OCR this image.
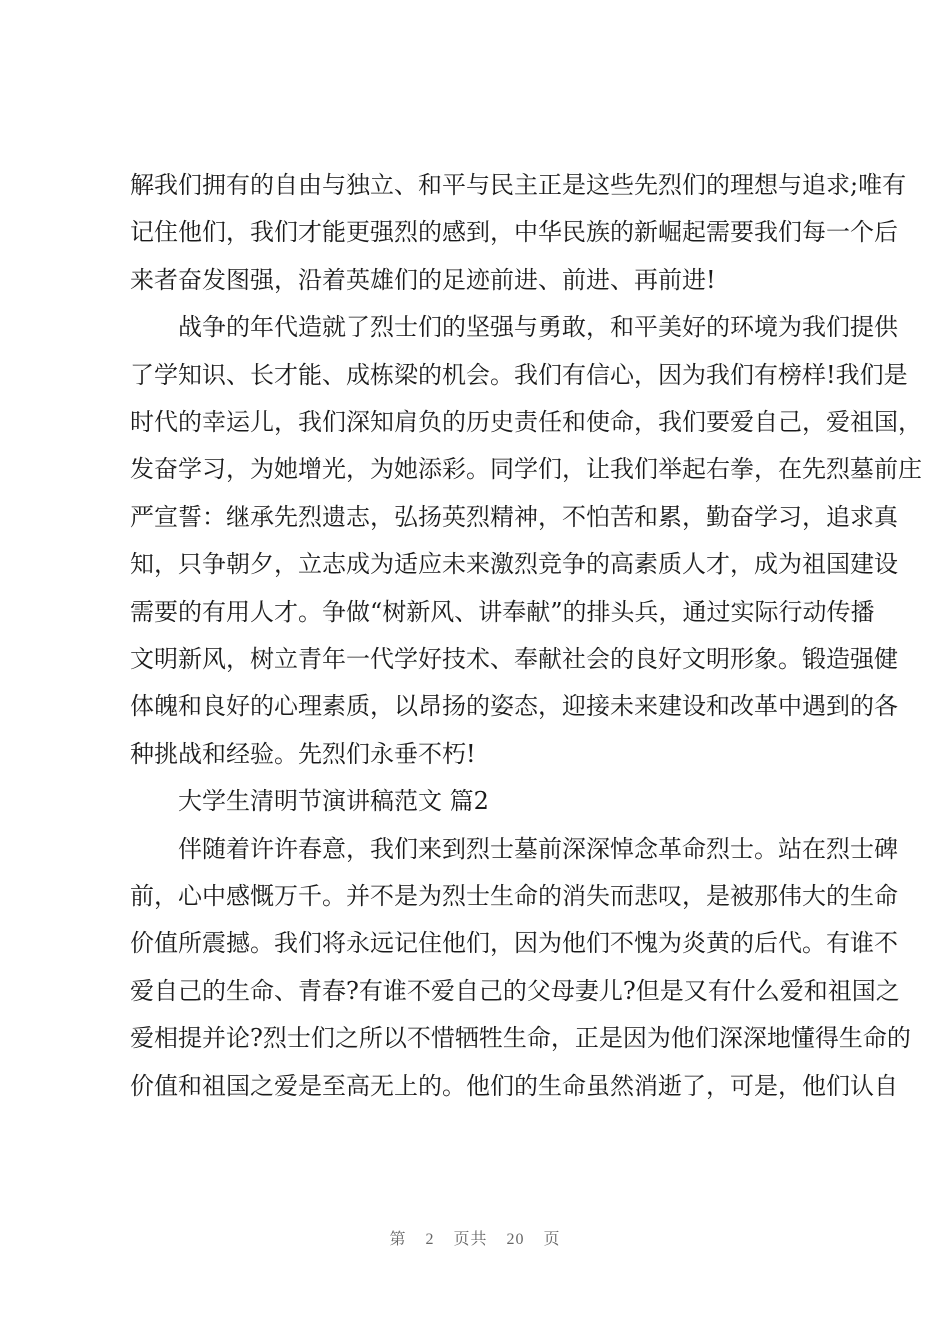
解我们拥有的自由与独立、和平与民主正是这些先烈们的理想与追求;唯有
记住他们，我们才能更强烈的感到，中华民族的新崛起需要我们每一个后
来者奋发图强，沿着英雄们的足迹前进、前进、再前进!
战争的年代造就了烈士们的坚强与勇敢，和平美好的环境为我们提供
了学知识、长才能、成栋梁的机会。我们有信心，因为我们有榜样!我们是
时代的幸运儿，我们深知肩负的历史责任和使命，我们要爱自己，爱祖国，
发奋学习，为她增光，为她添彩。同学们，让我们举起右拳，在先烈墓前庄
严宣誓：继承先烈遗志，弘扬英烈精神，不怕苦和累，勤奋学习，追求真
知，只争朝夕，立志成为适应未来激烈竞争的高素质人才，成为祖国建设
需要的有用人才。争做“树新风、讲奉献”的排头兵，通过实际行动传播
文明新风，树立青年一代学好技术、奉献社会的良好文明形象。锻造强健
体魄和良好的心理素质，以昂扬的姿态，迎接未来建设和改革中遇到的各
种挑战和经验。先烈们永垂不朽!
大学生清明节演讲稿范文 篇2
伴随着许许春意，我们来到烈士墓前深深悼念革命烈士。站在烈士碑
前，心中感慨万千。并不是为烈士生命的消失而悲叹，是被那伟大的生命
价值所震撼。我们将永远记住他们，因为他们不愧为炎黄的后代。有谁不
爱自己的生命、青春?有谁不爱自己的父母妻儿?但是又有什么爱和祖国之
爱相提并论?烈士们之所以不惜牺牲生命，正是因为他们深深地懂得生命的
第 2 页共 20 页
价值和祖国之爱是至高无上的。他们的生命虽然消逝了，可是，他们认自
